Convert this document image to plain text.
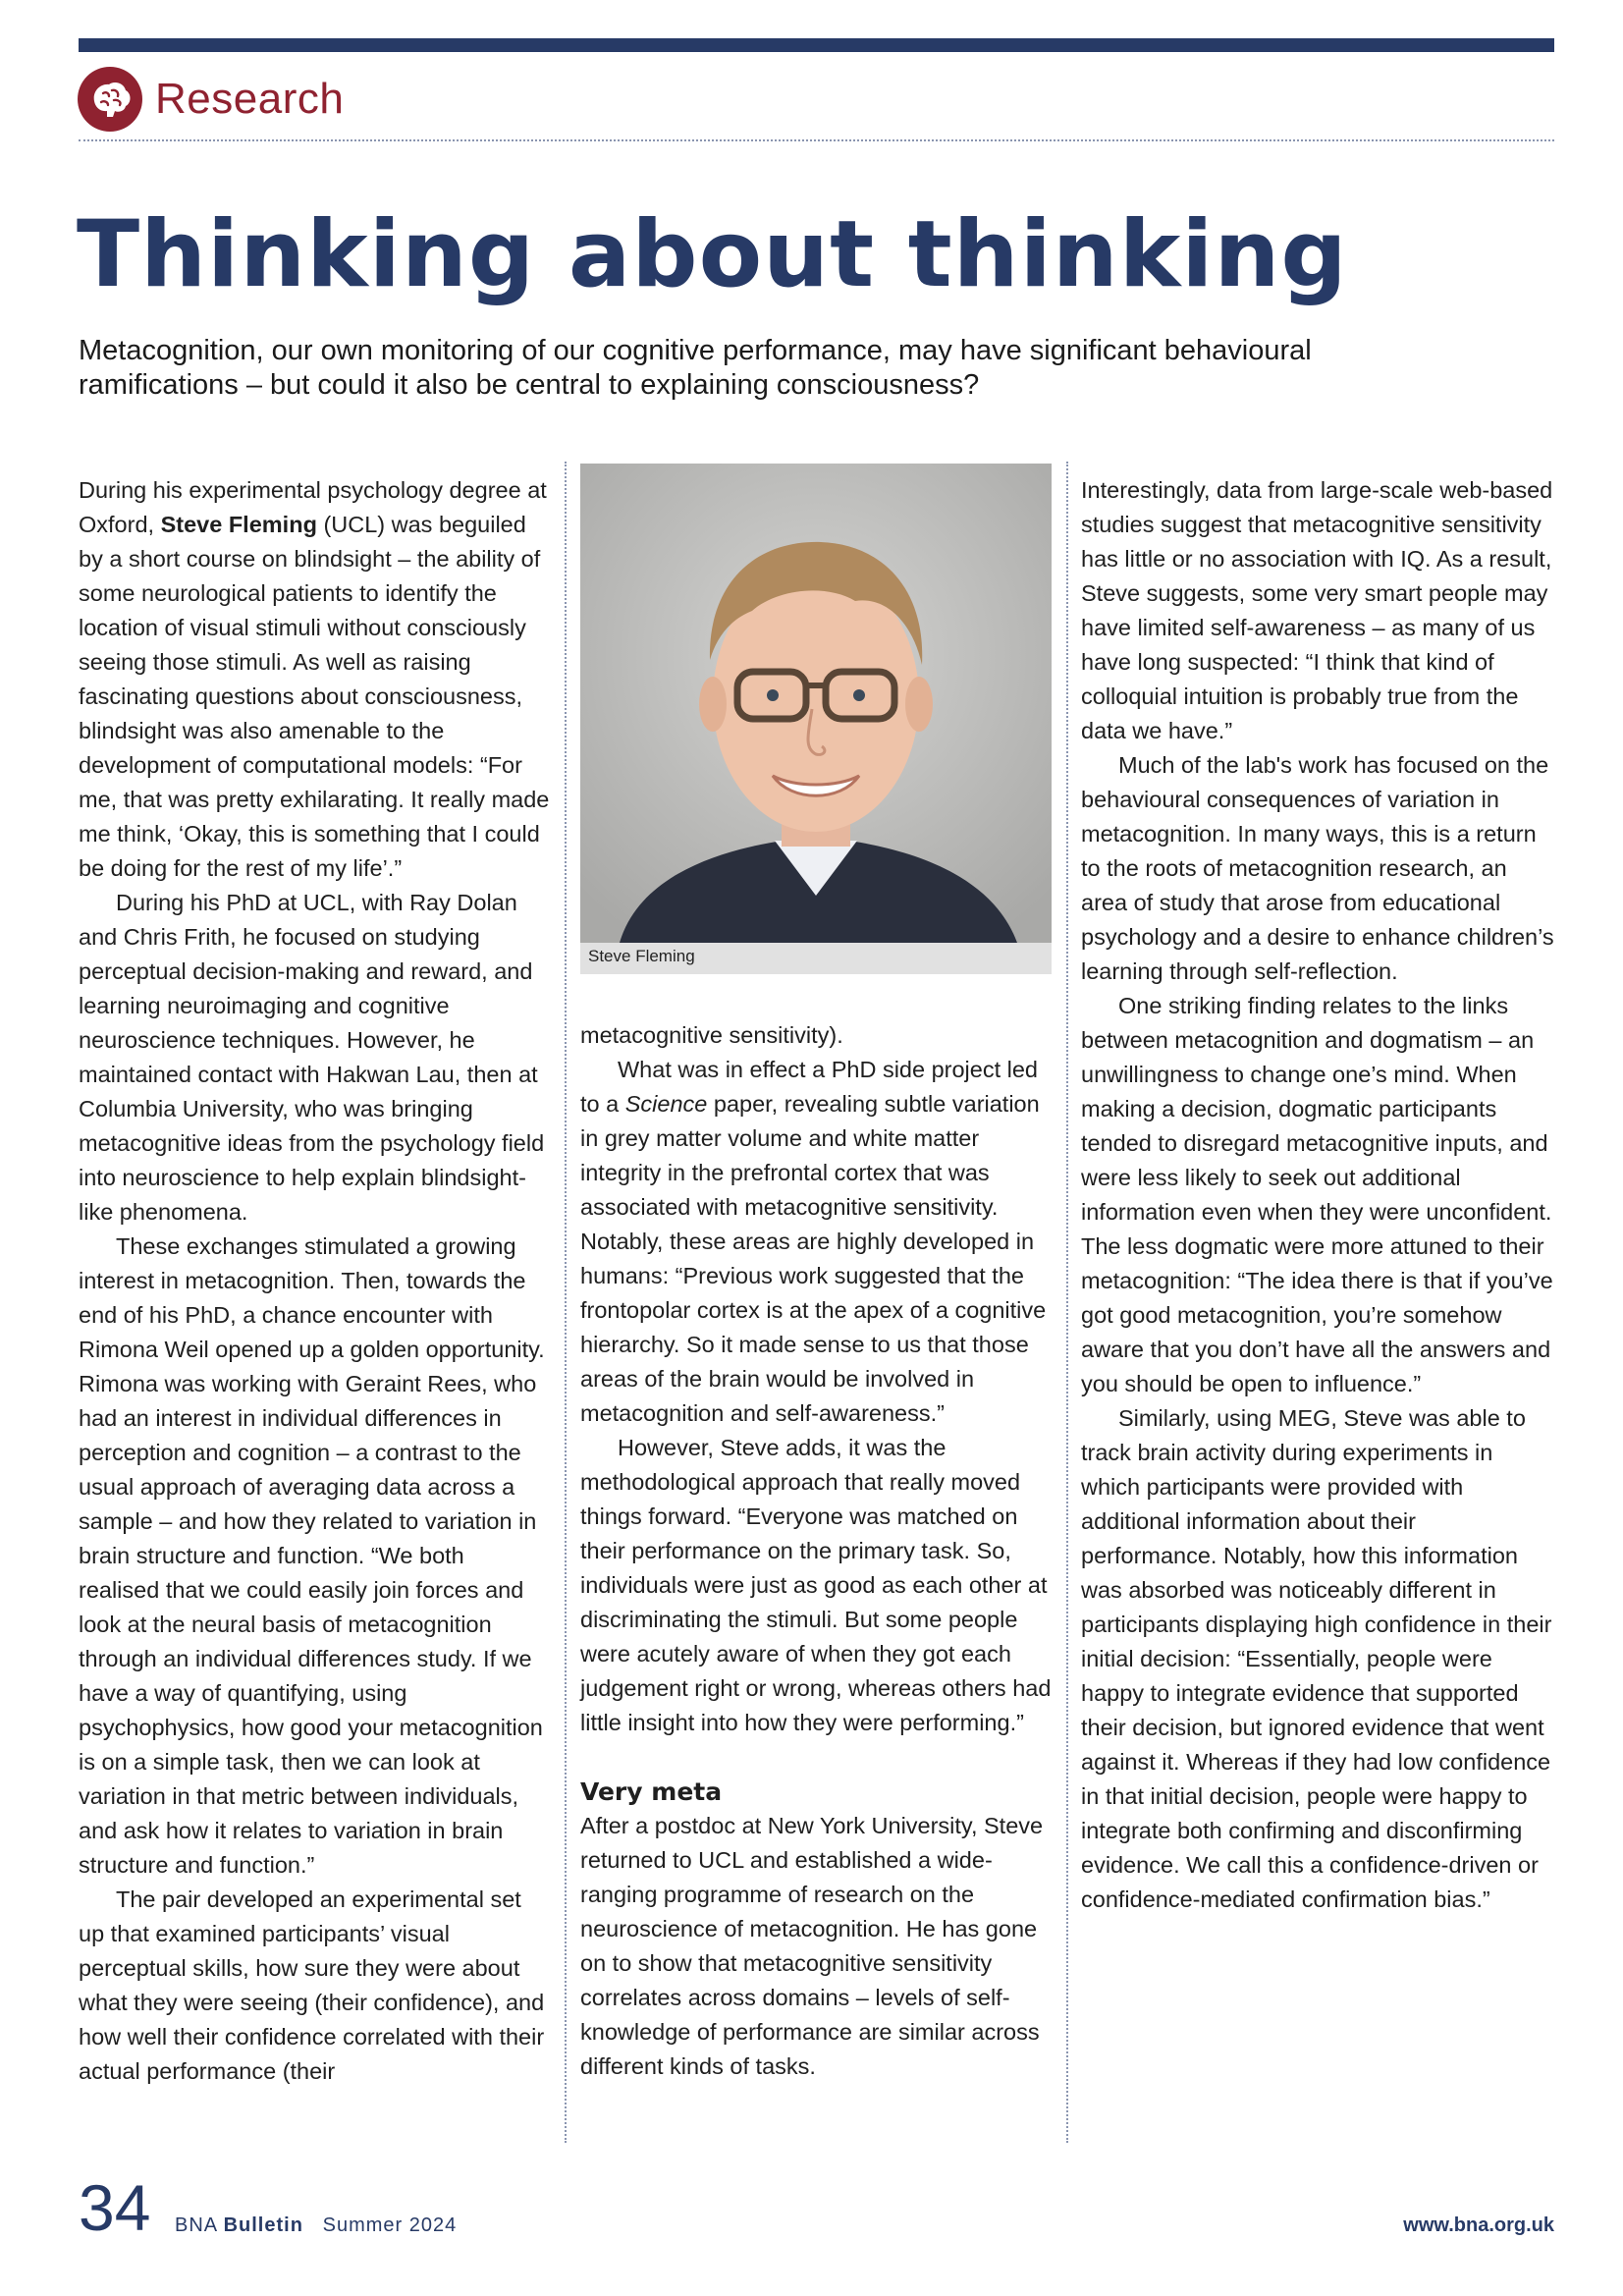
Research
Thinking about thinking

Metacognition, our own monitoring of our cognitive performance, may have significant behavioural ramifications – but could it also be central to explaining consciousness?

During his experimental psychology degree at Oxford, Steve Fleming (UCL) was beguiled by a short course on blindsight – the ability of some neurological patients to identify the location of visual stimuli without consciously seeing those stimuli. As well as raising fascinating questions about consciousness, blindsight was also amenable to the development of computational models: “For me, that was pretty exhilarating. It really made me think, ‘Okay, this is something that I could be doing for the rest of my life’.”

During his PhD at UCL, with Ray Dolan and Chris Frith, he focused on studying perceptual decision-making and reward, and learning neuroimaging and cognitive neuroscience techniques. However, he maintained contact with Hakwan Lau, then at Columbia University, who was bringing metacognitive ideas from the psychology field into neuroscience to help explain blindsight-like phenomena.

These exchanges stimulated a growing interest in metacognition. Then, towards the end of his PhD, a chance encounter with Rimona Weil opened up a golden opportunity. Rimona was working with Geraint Rees, who had an interest in individual differences in perception and cognition – a contrast to the usual approach of averaging data across a sample – and how they related to variation in brain structure and function. “We both realised that we could easily join forces and look at the neural basis of metacognition through an individual differences study. If we have a way of quantifying, using psychophysics, how good your metacognition is on a simple task, then we can look at variation in that metric between individuals, and ask how it relates to variation in brain structure and function.”

The pair developed an experimental set up that examined participants’ visual perceptual skills, how sure they were about what they were seeing (their confidence), and how well their confidence correlated with their actual performance (their

Steve Fleming

metacognitive sensitivity).

What was in effect a PhD side project led to a Science paper, revealing subtle variation in grey matter volume and white matter integrity in the prefrontal cortex that was associated with metacognitive sensitivity. Notably, these areas are highly developed in humans: “Previous work suggested that the frontopolar cortex is at the apex of a cognitive hierarchy. So it made sense to us that those areas of the brain would be involved in metacognition and self-awareness.”

However, Steve adds, it was the methodological approach that really moved things forward. “Everyone was matched on their performance on the primary task. So, individuals were just as good as each other at discriminating the stimuli. But some people were acutely aware of when they got each judgement right or wrong, whereas others had little insight into how they were performing.”

Very meta

After a postdoc at New York University, Steve returned to UCL and established a wide-ranging programme of research on the neuroscience of metacognition. He has gone on to show that metacognitive sensitivity correlates across domains – levels of self-knowledge of performance are similar across different kinds of tasks.

Interestingly, data from large-scale web-based studies suggest that metacognitive sensitivity has little or no association with IQ. As a result, Steve suggests, some very smart people may have limited self-awareness – as many of us have long suspected: “I think that kind of colloquial intuition is probably true from the data we have.”

Much of the lab's work has focused on the behavioural consequences of variation in metacognition. In many ways, this is a return to the roots of metacognition research, an area of study that arose from educational psychology and a desire to enhance children’s learning through self-reflection.

One striking finding relates to the links between metacognition and dogmatism – an unwillingness to change one’s mind. When making a decision, dogmatic participants tended to disregard metacognitive inputs, and were less likely to seek out additional information even when they were unconfident. The less dogmatic were more attuned to their metacognition: “The idea there is that if you’ve got good metacognition, you’re somehow aware that you don’t have all the answers and you should be open to influence.”

Similarly, using MEG, Steve was able to track brain activity during experiments in which participants were provided with additional information about their performance. Notably, how this information was absorbed was noticeably different in participants displaying high confidence in their initial decision: “Essentially, people were happy to integrate evidence that supported their decision, but ignored evidence that went against it. Whereas if they had low confidence in that initial decision, people were happy to integrate both confirming and disconfirming evidence. We call this a confidence-driven or confidence-mediated confirmation bias.”

34 BNA Bulletin Summer 2024	www.bna.org.uk
